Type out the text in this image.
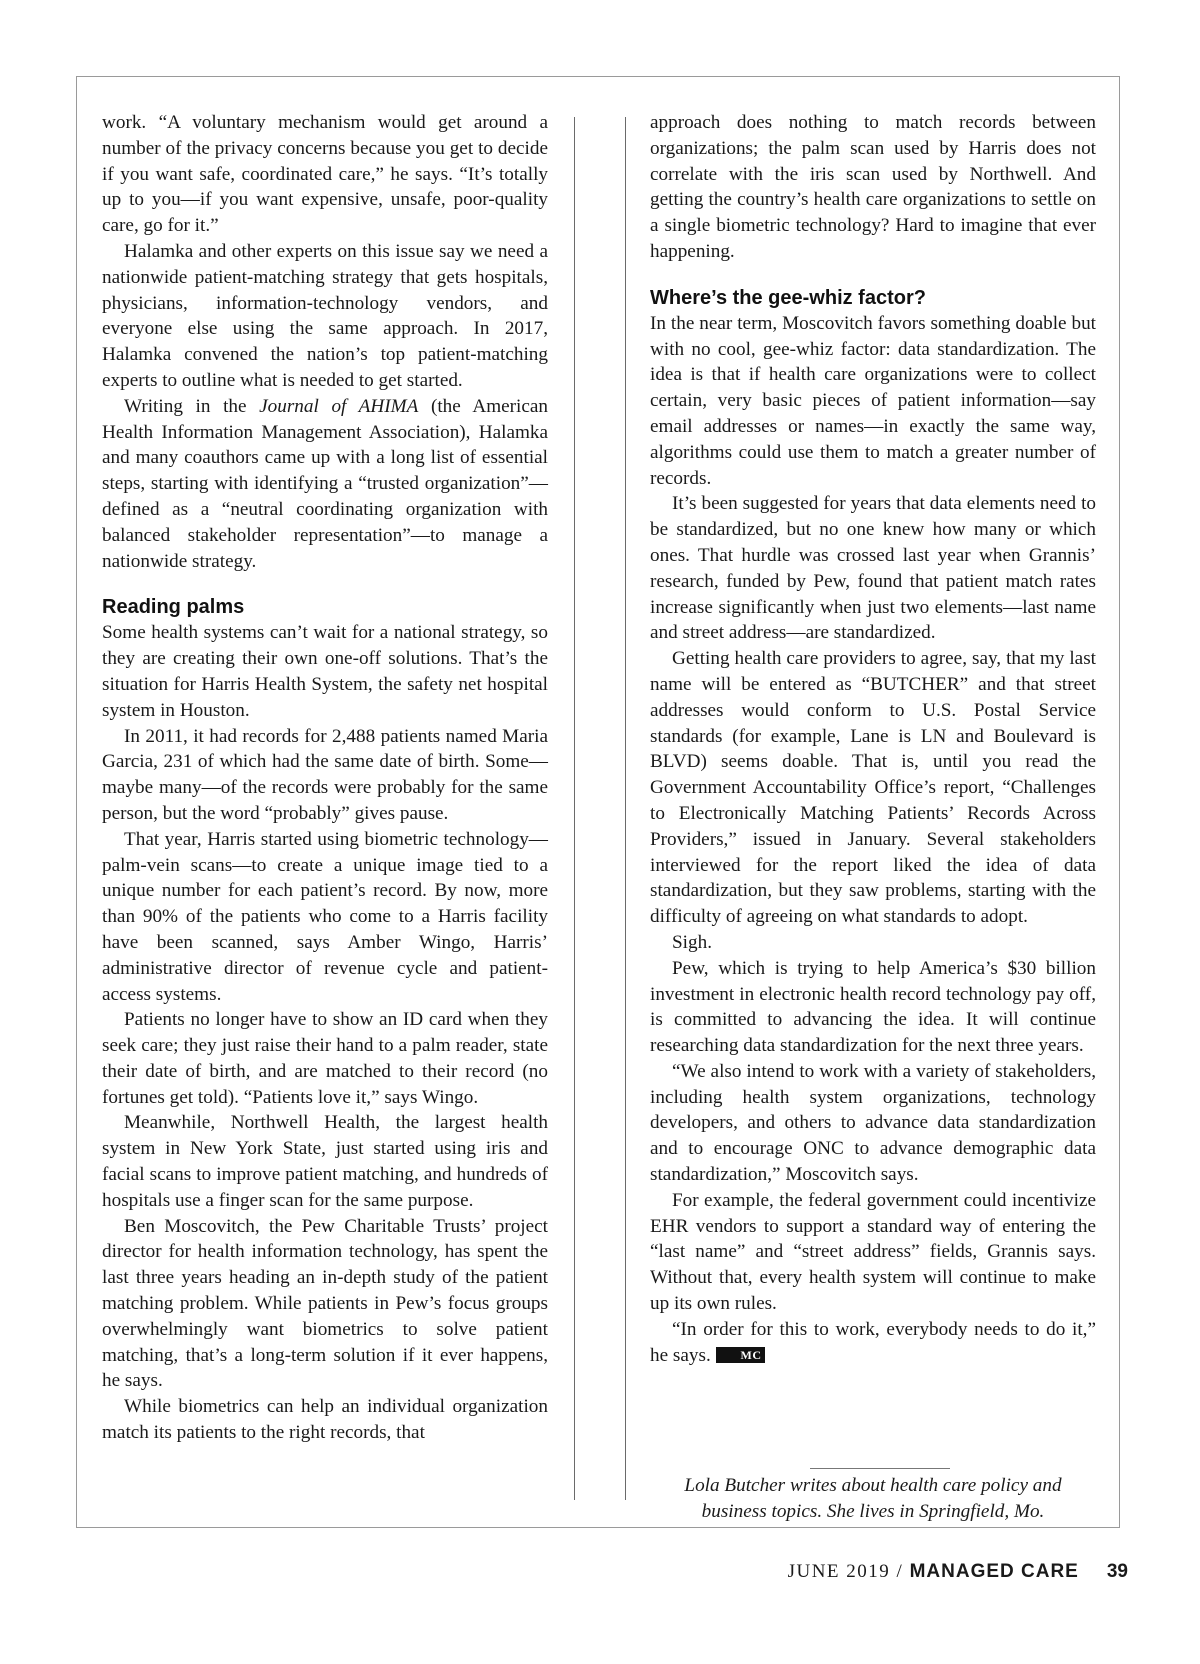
work. “A voluntary mechanism would get around a number of the privacy concerns because you get to decide if you want safe, coordinated care,” he says. “It’s totally up to you—if you want expensive, unsafe, poor-quality care, go for it.”

Halamka and other experts on this issue say we need a nationwide patient-matching strategy that gets hospitals, physicians, information-technology vendors, and everyone else using the same approach. In 2017, Halamka convened the nation’s top patient-matching experts to outline what is needed to get started.

Writing in the Journal of AHIMA (the American Health Information Management Association), Halamka and many coauthors came up with a long list of essential steps, starting with identifying a “trusted organization”—defined as a “neutral coordinating organization with balanced stakeholder representation”—to manage a nationwide strategy.

Reading palms

Some health systems can’t wait for a national strategy, so they are creating their own one-off solutions. That’s the situation for Harris Health System, the safety net hospital system in Houston.

In 2011, it had records for 2,488 patients named Maria Garcia, 231 of which had the same date of birth. Some—maybe many—of the records were probably for the same person, but the word “probably” gives pause.

That year, Harris started using biometric technology—palm-vein scans—to create a unique image tied to a unique number for each patient’s record. By now, more than 90% of the patients who come to a Harris facility have been scanned, says Amber Wingo, Harris’ administrative director of revenue cycle and patient-access systems.

Patients no longer have to show an ID card when they seek care; they just raise their hand to a palm reader, state their date of birth, and are matched to their record (no fortunes get told). “Patients love it,” says Wingo.

Meanwhile, Northwell Health, the largest health system in New York State, just started using iris and facial scans to improve patient matching, and hundreds of hospitals use a finger scan for the same purpose.

Ben Moscovitch, the Pew Charitable Trusts’ project director for health information technology, has spent the last three years heading an in-depth study of the patient matching problem. While patients in Pew’s focus groups overwhelmingly want biometrics to solve patient matching, that’s a long-term solution if it ever happens, he says.

While biometrics can help an individual organization match its patients to the right records, that

approach does nothing to match records between organizations; the palm scan used by Harris does not correlate with the iris scan used by Northwell. And getting the country’s health care organizations to settle on a single biometric technology? Hard to imagine that ever happening.

Where’s the gee-whiz factor?

In the near term, Moscovitch favors something doable but with no cool, gee-whiz factor: data standardization. The idea is that if health care organizations were to collect certain, very basic pieces of patient information—say email addresses or names—in exactly the same way, algorithms could use them to match a greater number of records.

It’s been suggested for years that data elements need to be standardized, but no one knew how many or which ones. That hurdle was crossed last year when Grannis’ research, funded by Pew, found that patient match rates increase significantly when just two elements—last name and street address—are standardized.

Getting health care providers to agree, say, that my last name will be entered as “BUTCHER” and that street addresses would conform to U.S. Postal Service standards (for example, Lane is LN and Boulevard is BLVD) seems doable. That is, until you read the Government Accountability Office’s report, “Challenges to Electronically Matching Patients’ Records Across Providers,” issued in January. Several stakeholders interviewed for the report liked the idea of data standardization, but they saw problems, starting with the difficulty of agreeing on what standards to adopt.

Sigh.

Pew, which is trying to help America’s $30 billion investment in electronic health record technology pay off, is committed to advancing the idea. It will continue researching data standardization for the next three years.

“We also intend to work with a variety of stakeholders, including health system organizations, technology developers, and others to advance data standardization and to encourage ONC to advance demographic data standardization,” Moscovitch says.

For example, the federal government could incentivize EHR vendors to support a standard way of entering the “last name” and “street address” fields, Grannis says. Without that, every health system will continue to make up its own rules.

“In order for this to work, everybody needs to do it,” he says. MC

Lola Butcher writes about health care policy and business topics. She lives in Springfield, Mo.
JUNE 2019 / MANAGED CARE 39
